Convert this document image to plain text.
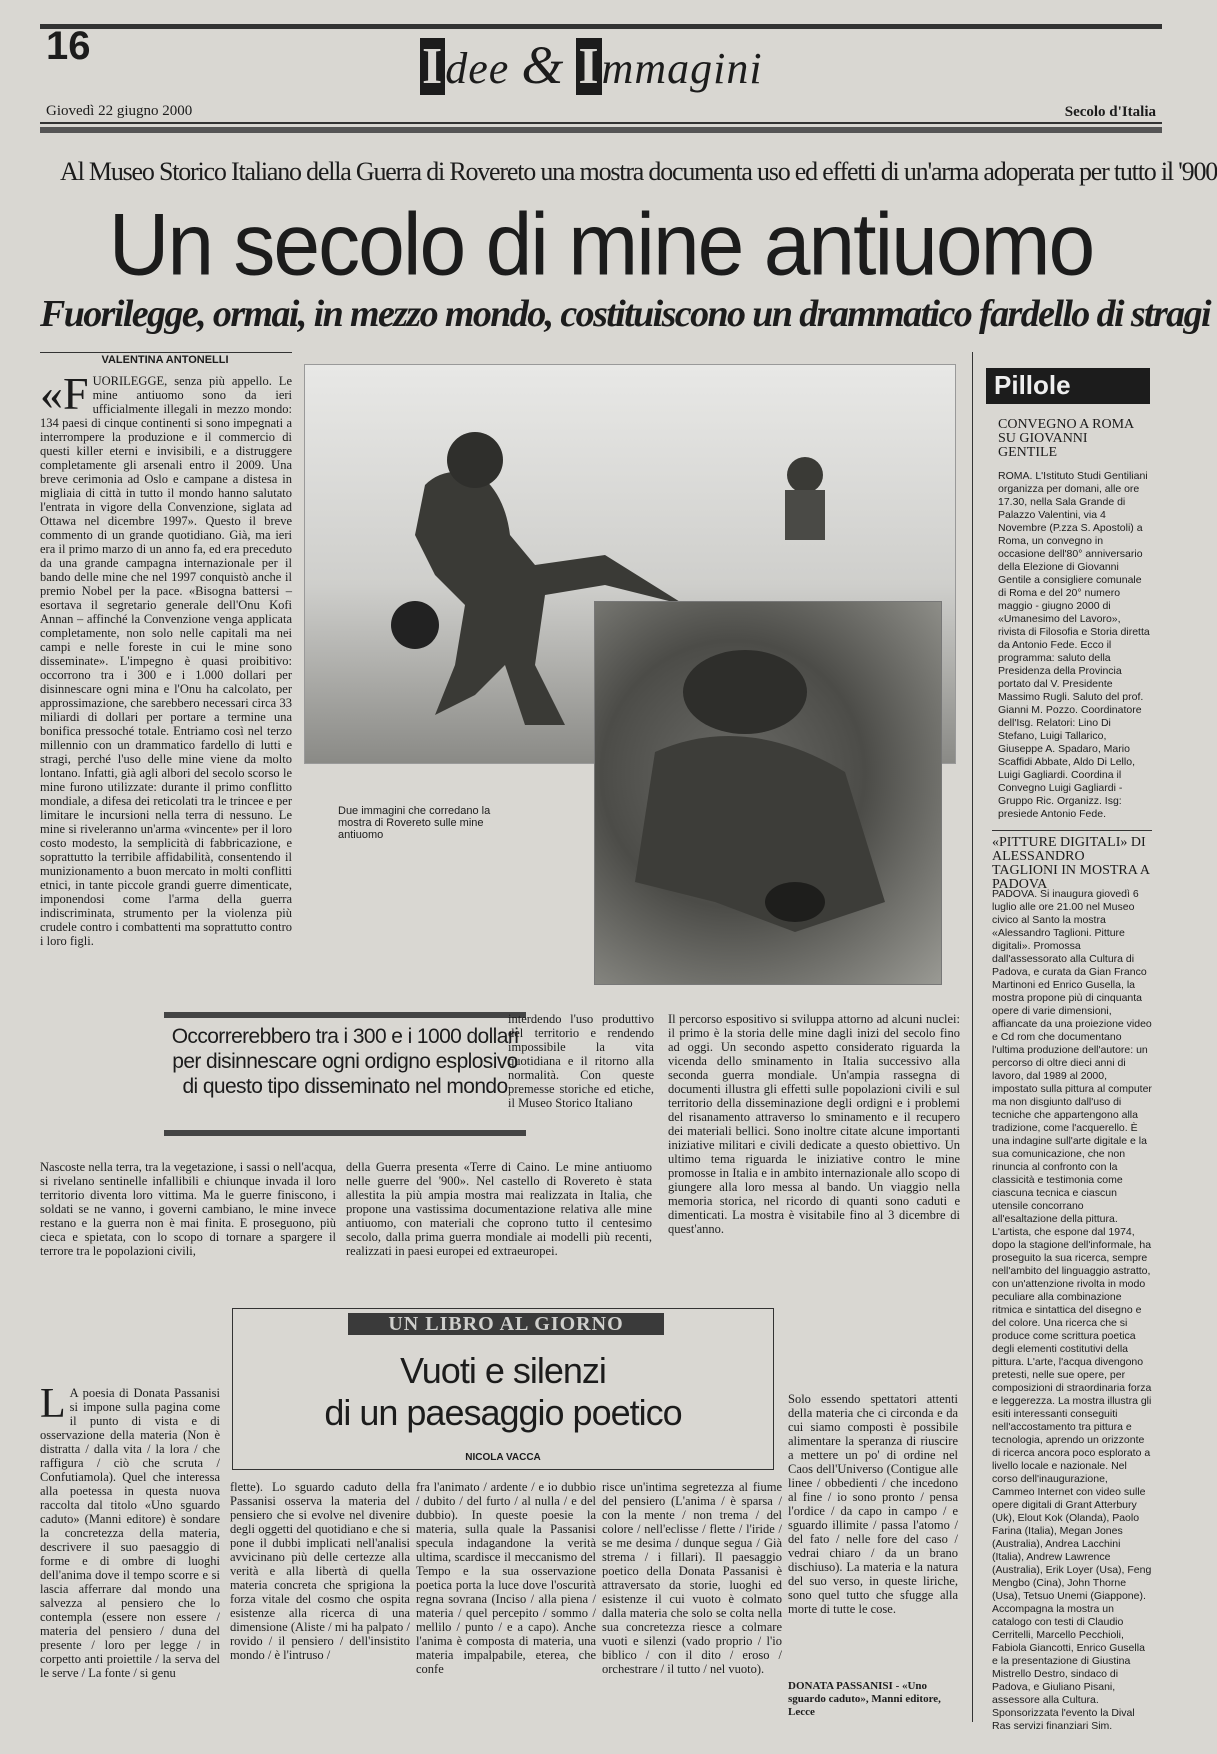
16	Idee & Immagini
Giovedì 22 giugno 2000	Secolo d'Italia
Al Museo Storico Italiano della Guerra di Rovereto una mostra documenta uso ed effetti di un'arma adoperata per tutto il '900
Un secolo di mine antiuomo
Fuorilegge, ormai, in mezzo mondo, costituiscono un drammatico fardello di stragi
VALENTINA ANTONELLI
«FUORILEGGE, senza più appello. Le mine antiuomo sono da ieri ufficialmente illegali in mezzo mondo: 134 paesi di cinque continenti si sono impegnati a interrompere la produzione e il commercio di questi killer eterni e invisibili, e a distruggere completamente gli arsenali entro il 2009. Una breve cerimonia ad Oslo e campane a distesa in migliaia di città in tutto il mondo hanno salutato l'entrata in vigore della Convenzione, siglata ad Ottawa nel dicembre 1997». Questo il breve commento di un grande quotidiano. Già, ma ieri era il primo marzo di un anno fa, ed era preceduto da una grande campagna internazionale per il bando delle mine che nel 1997 conquistò anche il premio Nobel per la pace. «Bisogna battersi – esortava il segretario generale dell'Onu Kofi Annan – affinché la Convenzione venga applicata completamente, non solo nelle capitali ma nei campi e nelle foreste in cui le mine sono disseminate». L'impegno è quasi proibitivo: occorrono tra i 300 e i 1.000 dollari per disinnescare ogni mina e l'Onu ha calcolato, per approssimazione, che sarebbero necessari circa 33 miliardi di dollari per portare a termine una bonifica pressoché totale. Entriamo così nel terzo millennio con un drammatico fardello di lutti e stragi, perché l'uso delle mine viene da molto lontano. Infatti, già agli albori del secolo scorso le mine furono utilizzate: durante il primo conflitto mondiale, a difesa dei reticolati tra le trincee e per limitare le incursioni nella terra di nessuno. Le mine si riveleranno un'arma «vincente» per il loro costo modesto, la semplicità di fabbricazione, e soprattutto la terribile affidabilità, consentendo il munizionamento a buon mercato in molti conflitti etnici, in tante piccole grandi guerre dimenticate, imponendosi come l'arma della guerra indiscriminata, strumento per la violenza più crudele contro i combattenti ma soprattutto contro i loro figli.
Due immagini che corredano la mostra di Rovereto sulle mine antiuomo
Occorrerebbero tra i 300 e i 1000 dollari per disinnescare ogni ordigno esplosivo di questo tipo disseminato nel mondo
interdendo l'uso produttivo del territorio e rendendo impossibile la vita quotidiana e il ritorno alla normalità. Con queste premesse storiche ed etiche, il Museo Storico Italiano
Il percorso espositivo si sviluppa attorno ad alcuni nuclei: il primo è la storia delle mine dagli inizi del secolo fino ad oggi. Un secondo aspetto considerato riguarda la vicenda dello sminamento in Italia successivo alla seconda guerra mondiale. Un'ampia rassegna di documenti illustra gli effetti sulle popolazioni civili e sul territorio della disseminazione degli ordigni e i problemi del risanamento attraverso lo sminamento e il recupero dei materiali bellici. Sono inoltre citate alcune importanti iniziative militari e civili dedicate a questo obiettivo. Un ultimo tema riguarda le iniziative contro le mine promosse in Italia e in ambito internazionale allo scopo di giungere alla loro messa al bando. Un viaggio nella memoria storica, nel ricordo di quanti sono caduti e dimenticati. La mostra è visitabile fino al 3 dicembre di quest'anno.
Nascoste nella terra, tra la vegetazione, i sassi o nell'acqua, si rivelano sentinelle infallibili e chiunque invada il loro territorio diventa loro vittima. Ma le guerre finiscono, i soldati se ne vanno, i governi cambiano, le mine invece restano e la guerra non è mai finita. E proseguono, più cieca e spietata, con lo scopo di tornare a spargere il terrore tra le popolazioni civili,
della Guerra presenta «Terre di Caino. Le mine antiuomo nelle guerre del '900». Nel castello di Rovereto è stata allestita la più ampia mostra mai realizzata in Italia, che propone una vastissima documentazione relativa alle mine antiuomo, con materiali che coprono tutto il centesimo secolo, dalla prima guerra mondiale ai modelli più recenti, realizzati in paesi europei ed extraeuropei.
Pillole
CONVEGNO A ROMA SU GIOVANNI GENTILE
ROMA. L'Istituto Studi Gentiliani organizza per domani, alle ore 17.30, nella Sala Grande di Palazzo Valentini, via 4 Novembre (P.zza S. Apostoli) a Roma, un convegno in occasione dell'80° anniversario della Elezione di Giovanni Gentile a consigliere comunale di Roma e del 20° numero maggio - giugno 2000 di «Umanesimo del Lavoro», rivista di Filosofia e Storia diretta da Antonio Fede. Ecco il programma: saluto della Presidenza della Provincia portato dal V. Presidente Massimo Rugli. Saluto del prof. Gianni M. Pozzo. Coordinatore dell'Isg. Relatori: Lino Di Stefano, Luigi Tallarico, Giuseppe A. Spadaro, Mario Scaffidi Abbate, Aldo Di Lello, Luigi Gagliardi. Coordina il Convegno Luigi Gagliardi - Gruppo Ric. Organizz. Isg: presiede Antonio Fede.
«PITTURE DIGITALI» DI ALESSANDRO TAGLIONI IN MOSTRA A PADOVA
PADOVA. Si inaugura giovedì 6 luglio alle ore 21.00 nel Museo civico al Santo la mostra «Alessandro Taglioni. Pitture digitali». Promossa dall'assessorato alla Cultura di Padova, e curata da Gian Franco Martinoni ed Enrico Gusella, la mostra propone più di cinquanta opere di varie dimensioni, affiancate da una proiezione video e Cd rom che documentano l'ultima produzione dell'autore: un percorso di oltre dieci anni di lavoro, dal 1989 al 2000, impostato sulla pittura al computer ma non disgiunto dall'uso di tecniche che appartengono alla tradizione, come l'acquerello. È una indagine sull'arte digitale e la sua comunicazione, che non rinuncia al confronto con la classicità e testimonia come ciascuna tecnica e ciascun utensile concorrano all'esaltazione della pittura. L'artista, che espone dal 1974, dopo la stagione dell'informale, ha proseguito la sua ricerca, sempre nell'ambito del linguaggio astratto, con un'attenzione rivolta in modo peculiare alla combinazione ritmica e sintattica del disegno e del colore. Una ricerca che si produce come scrittura poetica degli elementi costitutivi della pittura. L'arte, l'acqua divengono pretesti, nelle sue opere, per composizioni di straordinaria forza e leggerezza. La mostra illustra gli esiti interessanti conseguiti nell'accostamento tra pittura e tecnologia, aprendo un orizzonte di ricerca ancora poco esplorato a livello locale e nazionale. Nel corso dell'inaugurazione, Cammeo Internet con video sulle opere digitali di Grant Atterbury (Uk), Elout Kok (Olanda), Paolo Farina (Italia), Megan Jones (Australia), Andrea Lacchini (Italia), Andrew Lawrence (Australia), Erik Loyer (Usa), Feng Mengbo (Cina), John Thorne (Usa), Tetsuo Unemi (Giappone). Accompagna la mostra un catalogo con testi di Claudio Cerritelli, Marcello Pecchioli, Fabiola Giancotti, Enrico Gusella e la presentazione di Giustina Mistrello Destro, sindaco di Padova, e Giuliano Pisani, assessore alla Cultura. Sponsorizzata l'evento la Dival Ras servizi finanziari Sim.
UN LIBRO AL GIORNO
Vuoti e silenzi
di un paesaggio poetico
NICOLA VACCA
L A poesia di Donata Passanisi si impone sulla pagina come il punto di vista e di osservazione della materia (Non è distratta / dalla vita / la lora / che raffigura / ciò che scruta / Confutiamola). Quel che interessa alla poetessa in questa nuova raccolta dal titolo «Uno sguardo caduto» (Manni editore) è sondare la concretezza della materia, descrivere il suo paesaggio di forme e di ombre di luoghi dell'anima dove il tempo scorre e si lascia afferrare dal mondo una salvezza al pensiero che lo contempla (essere non essere / materia del pensiero / duna del presente / loro per legge / in corpetto anti proiettile / la serva del le serve / La fonte / si genu
flette). Lo sguardo caduto della Passanisi osserva la materia del pensiero che si evolve nel divenire degli oggetti del quotidiano e che si pone il dubbi implicati nell'analisi avvicinano più delle certezze alla verità e alla libertà di quella materia concreta che sprigiona la forza vitale del cosmo che ospita esistenze alla ricerca di una dimensione (Aliste / mi ha palpato / rovido / il pensiero / dell'insistito mondo / è l'intruso /
fra l'animato / ardente / e io dubbio / dubito / del furto / al nulla / e del dubbio). In queste poesie la materia, sulla quale la Passanisi specula indagandone la verità ultima, scardisce il meccanismo del Tempo e la sua osservazione poetica porta la luce dove l'oscurità regna sovrana (Inciso / alla piena / materia / quel percepito / sommo / mellilo / punto / e a capo). Anche l'anima è composta di materia, una materia impalpabile, eterea, che confe
risce un'intima segretezza al fiume del pensiero (L'anima / è sparsa / con la mente / non trema / del colore / nell'eclisse / flette / l'iride / se me desima / dunque segua / Già strema / i fillari). Il paesaggio poetico della Donata Passanisi è attraversato da storie, luoghi ed esistenze il cui vuoto è colmato dalla materia che solo se colta nella sua concretezza riesce a colmare vuoti e silenzi (vado proprio / l'io biblico / con il dito / eroso / orchestrare / il tutto / nel vuoto).
Solo essendo spettatori attenti della materia che ci circonda e da cui siamo composti è possibile alimentare la speranza di riuscire a mettere un po' di ordine nel Caos dell'Universo (Contigue alle linee / obbedienti / che incedono al fine / io sono pronto / pensa l'ordice / da capo in campo / e sguardo illimite / passa l'atomo / del fato / nelle fore del caso / vedrai chiaro / da un brano dischiuso). La materia e la natura del suo verso, in queste liriche, sono quel tutto che sfugge alla morte di tutte le cose.
DONATA PASSANISI - «Uno sguardo caduto», Manni editore, Lecce
